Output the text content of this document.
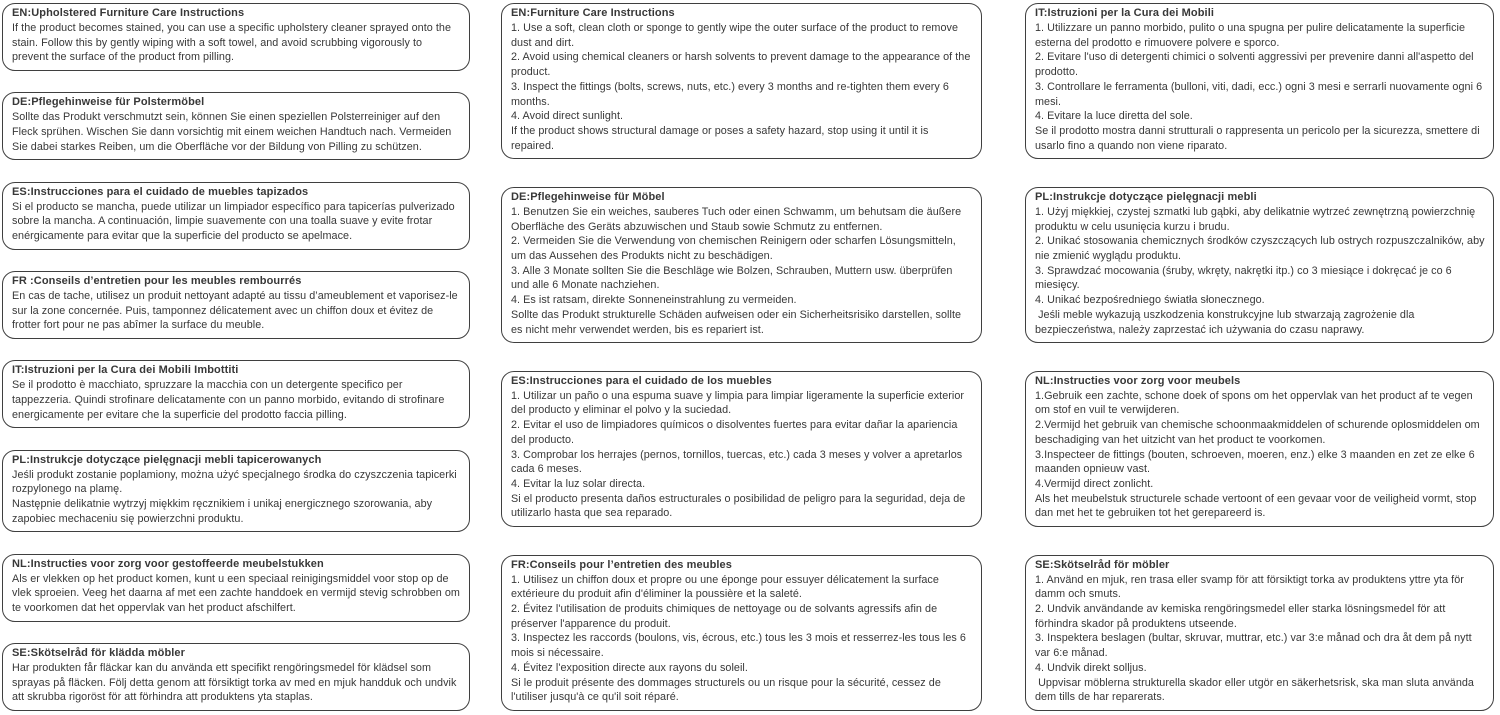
EN:Upholstered Furniture Care Instructions

If the product becomes stained, you can use a specific upholstery cleaner sprayed onto the stain. Follow this by gently wiping with a soft towel, and avoid scrubbing vigorously to prevent the surface of the product from pilling.

DE:Pflegehinweise für Polstermöbel

Sollte das Produkt verschmutzt sein, können Sie einen speziellen Polsterreiniger auf den Fleck sprühen. Wischen Sie dann vorsichtig mit einem weichen Handtuch nach. Vermeiden Sie dabei starkes Reiben, um die Oberfläche vor der Bildung von Pilling zu schützen.

ES:Instrucciones para el cuidado de muebles tapizados

Si el producto se mancha, puede utilizar un limpiador específico para tapicerías pulverizado sobre la mancha. A continuación, limpie suavemente con una toalla suave y evite frotar enérgicamente para evitar que la superficie del producto se apelmace.

FR :Conseils d’entretien pour les meubles rembourrés

En cas de tache, utilisez un produit nettoyant adapté au tissu d’ameublement et vaporisez-le sur la zone concernée. Puis, tamponnez délicatement avec un chiffon doux et évitez de frotter fort pour ne pas abîmer la surface du meuble.

IT:Istruzioni per la Cura dei Mobili Imbottiti

Se il prodotto è macchiato, spruzzare la macchia con un detergente specifico per tappezzeria. Quindi strofinare delicatamente con un panno morbido, evitando di strofinare energicamente per evitare che la superficie del prodotto faccia pilling.

PL:Instrukcje dotyczące pielęgnacji mebli tapicerowanych

Jeśli produkt zostanie poplamiony, można użyć specjalnego środka do czyszczenia tapicerki rozpylonego na plamę.

Następnie delikatnie wytrzyj miękkim ręcznikiem i unikaj energicznego szorowania, aby zapobiec mechaceniu się powierzchni produktu.

NL:Instructies voor zorg voor gestoffeerde meubelstukken

Als er vlekken op het product komen, kunt u een speciaal reinigingsmiddel voor stop op de vlek sproeien. Veeg het daarna af met een zachte handdoek en vermijd stevig schrobben om te voorkomen dat het oppervlak van het product afschilfert.

SE:Skötselråd för klädda möbler

Har produkten får fläckar kan du använda ett specifikt rengöringsmedel för klädsel som sprayas på fläcken. Följ detta genom att försiktigt torka av med en mjuk handduk och undvik att skrubba rigoröst för att förhindra att produktens yta staplas.

EN:Furniture Care Instructions

1. Use a soft, clean cloth or sponge to gently wipe the outer surface of the product to remove dust and dirt.

2. Avoid using chemical cleaners or harsh solvents to prevent damage to the appearance of the product.

3. Inspect the fittings (bolts, screws, nuts, etc.) every 3 months and re-tighten them every 6 months.

4. Avoid direct sunlight.

If the product shows structural damage or poses a safety hazard, stop using it until it is repaired.

DE:Pflegehinweise für Möbel

1. Benutzen Sie ein weiches, sauberes Tuch oder einen Schwamm, um behutsam die äußere Oberfläche des Geräts abzuwischen und Staub sowie Schmutz zu entfernen.

2. Vermeiden Sie die Verwendung von chemischen Reinigern oder scharfen Lösungsmitteln, um das Aussehen des Produkts nicht zu beschädigen.

3. Alle 3 Monate sollten Sie die Beschläge wie Bolzen, Schrauben, Muttern usw. überprüfen und alle 6 Monate nachziehen.

4. Es ist ratsam, direkte Sonneneinstrahlung zu vermeiden.

Sollte das Produkt strukturelle Schäden aufweisen oder ein Sicherheitsrisiko darstellen, sollte es nicht mehr verwendet werden, bis es repariert ist.

ES:Instrucciones para el cuidado de los muebles

1. Utilizar un paño o una espuma suave y limpia para limpiar ligeramente la superficie exterior del producto y eliminar el polvo y la suciedad.

2. Evitar el uso de limpiadores químicos o disolventes fuertes para evitar dañar la apariencia del producto.

3. Comprobar los herrajes (pernos, tornillos, tuercas, etc.) cada 3 meses y volver a apretarlos cada 6 meses.

4. Evitar la luz solar directa.

Si el producto presenta daños estructurales o posibilidad de peligro para la seguridad, deja de utilizarlo hasta que sea reparado.

FR:Conseils pour l’entretien des meubles

1. Utilisez un chiffon doux et propre ou une éponge pour essuyer délicatement la surface extérieure du produit afin d'éliminer la poussière et la saleté.

2. Évitez l'utilisation de produits chimiques de nettoyage ou de solvants agressifs afin de préserver l'apparence du produit.

3. Inspectez les raccords (boulons, vis, écrous, etc.) tous les 3 mois et resserrez-les tous les 6 mois si nécessaire.

4. Évitez l'exposition directe aux rayons du soleil.

Si le produit présente des dommages structurels ou un risque pour la sécurité, cessez de l'utiliser jusqu'à ce qu'il soit réparé.

IT:Istruzioni per la Cura dei Mobili

1. Utilizzare un panno morbido, pulito o una spugna per pulire delicatamente la superficie esterna del prodotto e rimuovere polvere e sporco.

2. Evitare l'uso di detergenti chimici o solventi aggressivi per prevenire danni all'aspetto del prodotto.

3. Controllare le ferramenta (bulloni, viti, dadi, ecc.) ogni 3 mesi e serrarli nuovamente ogni 6 mesi.

4. Evitare la luce diretta del sole.

Se il prodotto mostra danni strutturali o rappresenta un pericolo per la sicurezza, smettere di usarlo fino a quando non viene riparato.

PL:Instrukcje dotyczące pielęgnacji mebli

1. Użyj miękkiej, czystej szmatki lub gąbki, aby delikatnie wytrzeć zewnętrzną powierzchnię produktu w celu usunięcia kurzu i brudu.

2. Unikać stosowania chemicznych środków czyszczących lub ostrych rozpuszczalników, aby nie zmienić wyglądu produktu.

3. Sprawdzać mocowania (śruby, wkręty, nakrętki itp.) co 3 miesiące i dokręcać je co 6 miesięcy.

4. Unikać bezpośredniego światła słonecznego.

Jeśli meble wykazują uszkodzenia konstrukcyjne lub stwarzają zagrożenie dla bezpieczeństwa, należy zaprzestać ich używania do czasu naprawy.

NL:Instructies voor zorg voor meubels

1.Gebruik een zachte, schone doek of spons om het oppervlak van het product af te vegen om stof en vuil te verwijderen.

2.Vermijd het gebruik van chemische schoonmaakmiddelen of schurende oplosmiddelen om beschadiging van het uitzicht van het product te voorkomen.

3.Inspecteer de fittings (bouten, schroeven, moeren, enz.) elke 3 maanden en zet ze elke 6 maanden opnieuw vast.

4.Vermijd direct zonlicht.

Als het meubelstuk structurele schade vertoont of een gevaar voor de veiligheid vormt, stop dan met het te gebruiken tot het gerepareerd is.

SE:Skötselråd för möbler

1. Använd en mjuk, ren trasa eller svamp för att försiktigt torka av produktens yttre yta för damm och smuts.

2. Undvik användande av kemiska rengöringsmedel eller starka lösningsmedel för att förhindra skador på produktens utseende.

3. Inspektera beslagen (bultar, skruvar, muttrar, etc.) var 3:e månad och dra åt dem på nytt var 6:e månad.

4. Undvik direkt solljus.

Uppvisar möblerna strukturella skador eller utgör en säkerhetsrisk, ska man sluta använda dem tills de har reparerats.
